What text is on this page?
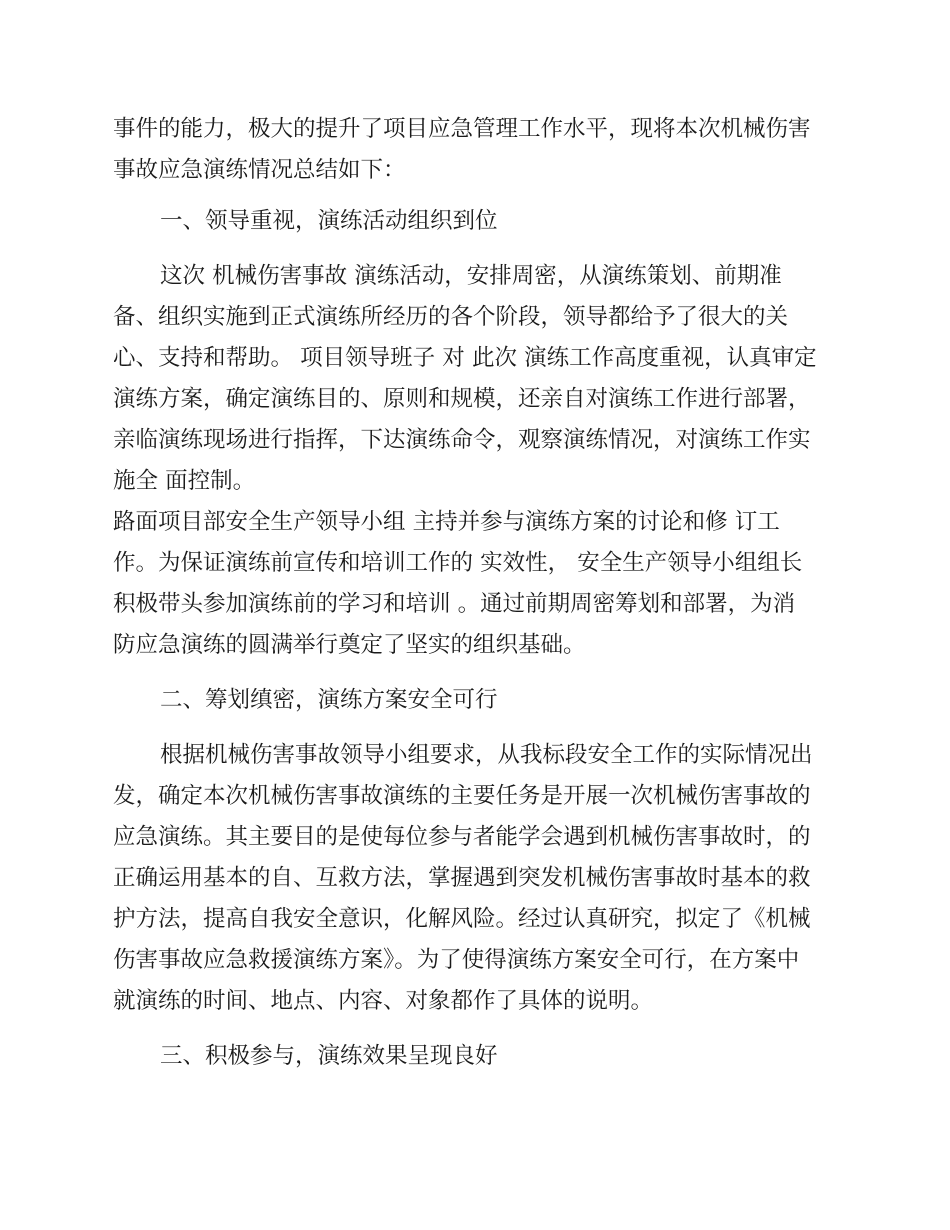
事件的能力，极大的提升了项目应急管理工作水平，现将本次机械伤害
事故应急演练情况总结如下：
一、领导重视，演练活动组织到位
这次 机械伤害事故 演练活动，安排周密，从演练策划、前期准
备、组织实施到正式演练所经历的各个阶段，领导都给予了很大的关
心、支持和帮助。 项目领导班子 对 此次 演练工作高度重视，认真审定
演练方案，确定演练目的、原则和规模，还亲自对演练工作进行部署，
亲临演练现场进行指挥，下达演练命令，观察演练情况，对演练工作实
施全 面控制。
路面项目部安全生产领导小组 主持并参与演练方案的讨论和修 订工
作。为保证演练前宣传和培训工作的 实效性， 安全生产领导小组组长
积极带头参加演练前的学习和培训 。通过前期周密筹划和部署，为消
防应急演练的圆满举行奠定了坚实的组织基础。
二、筹划缜密，演练方案安全可行
根据机械伤害事故领导小组要求，从我标段安全工作的实际情况出
发，确定本次机械伤害事故演练的主要任务是开展一次机械伤害事故的
应急演练。其主要目的是使每位参与者能学会遇到机械伤害事故时，的
正确运用基本的自、互救方法，掌握遇到突发机械伤害事故时基本的救
护方法，提高自我安全意识，化解风险。经过认真研究，拟定了《机械
伤害事故应急救援演练方案》。为了使得演练方案安全可行，在方案中
就演练的时间、地点、内容、对象都作了具体的说明。
三、积极参与，演练效果呈现良好
